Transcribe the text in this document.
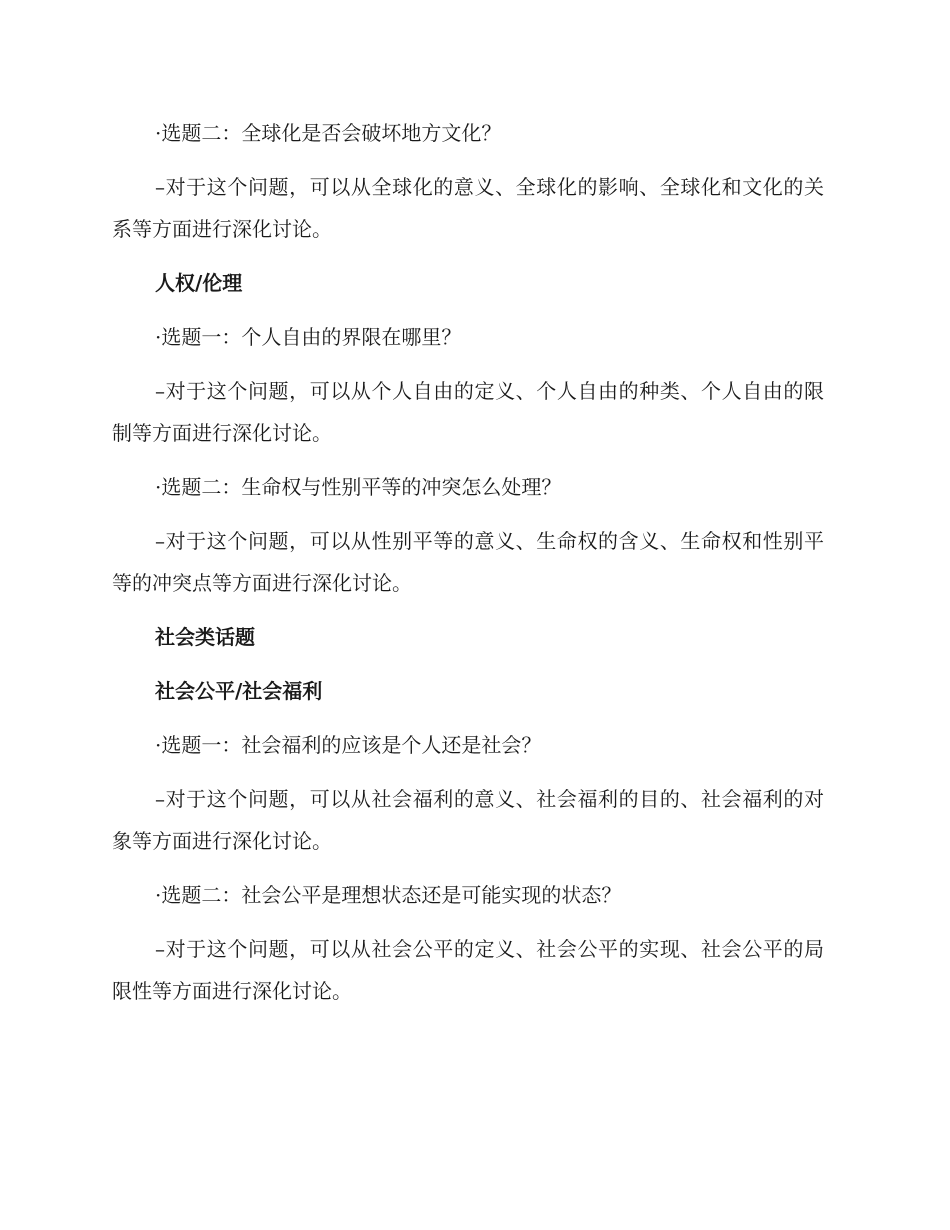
·选题二：全球化是否会破坏地方文化？

–对于这个问题，可以从全球化的意义、全球化的影响、全球化和文化的关系等方面进行深化讨论。

人权/伦理

·选题一：个人自由的界限在哪里？

–对于这个问题，可以从个人自由的定义、个人自由的种类、个人自由的限制等方面进行深化讨论。

·选题二：生命权与性别平等的冲突怎么处理？

–对于这个问题，可以从性别平等的意义、生命权的含义、生命权和性别平等的冲突点等方面进行深化讨论。

社会类话题

社会公平/社会福利

·选题一：社会福利的应该是个人还是社会？

–对于这个问题，可以从社会福利的意义、社会福利的目的、社会福利的对象等方面进行深化讨论。

·选题二：社会公平是理想状态还是可能实现的状态？

–对于这个问题，可以从社会公平的定义、社会公平的实现、社会公平的局限性等方面进行深化讨论。
